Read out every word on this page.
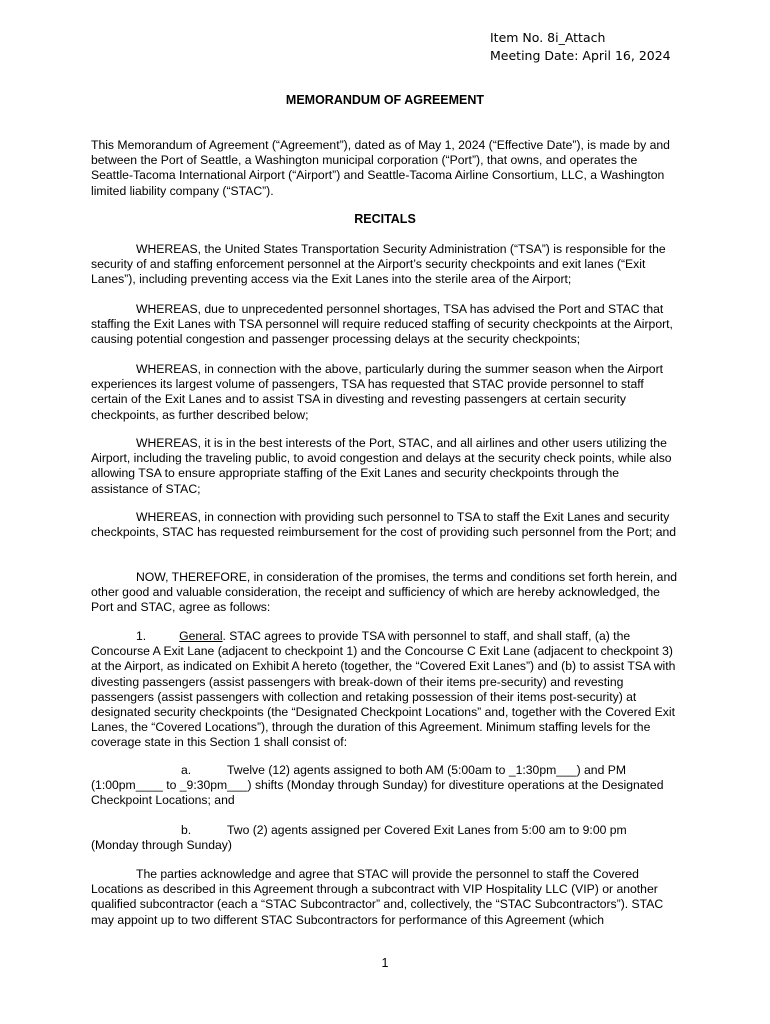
Item No. 8i_Attach
Meeting Date: April 16, 2024
MEMORANDUM OF AGREEMENT

This Memorandum of Agreement (“Agreement”), dated as of May 1, 2024 (“Effective Date”), is made by and between the Port of Seattle, a Washington municipal corporation (“Port”), that owns, and operates the Seattle-Tacoma International Airport (“Airport”) and Seattle-Tacoma Airline Consortium, LLC, a Washington limited liability company (“STAC”).

RECITALS

WHEREAS, the United States Transportation Security Administration (“TSA”) is responsible for the security of and staffing enforcement personnel at the Airport’s security checkpoints and exit lanes (“Exit Lanes”), including preventing access via the Exit Lanes into the sterile area of the Airport;

WHEREAS, due to unprecedented personnel shortages, TSA has advised the Port and STAC that staffing the Exit Lanes with TSA personnel will require reduced staffing of security checkpoints at the Airport, causing potential congestion and passenger processing delays at the security checkpoints;

WHEREAS, in connection with the above, particularly during the summer season when the Airport experiences its largest volume of passengers, TSA has requested that STAC provide personnel to staff certain of the Exit Lanes and to assist TSA in divesting and revesting passengers at certain security checkpoints, as further described below;

WHEREAS, it is in the best interests of the Port, STAC, and all airlines and other users utilizing the Airport, including the traveling public, to avoid congestion and delays at the security check points, while also allowing TSA to ensure appropriate staffing of the Exit Lanes and security checkpoints through the assistance of STAC;

WHEREAS, in connection with providing such personnel to TSA to staff the Exit Lanes and security checkpoints, STAC has requested reimbursement for the cost of providing such personnel from the Port; and

NOW, THEREFORE, in consideration of the promises, the terms and conditions set forth herein, and other good and valuable consideration, the receipt and sufficiency of which are hereby acknowledged, the Port and STAC, agree as follows:

1.	General. STAC agrees to provide TSA with personnel to staff, and shall staff, (a) the Concourse A Exit Lane (adjacent to checkpoint 1) and the Concourse C Exit Lane (adjacent to checkpoint 3) at the Airport, as indicated on Exhibit A hereto (together, the “Covered Exit Lanes”) and (b) to assist TSA with divesting passengers (assist passengers with break-down of their items pre-security) and revesting passengers (assist passengers with collection and retaking possession of their items post-security) at designated security checkpoints (the “Designated Checkpoint Locations” and, together with the Covered Exit Lanes, the “Covered Locations”), through the duration of this Agreement. Minimum staffing levels for the coverage state in this Section 1 shall consist of:

a.	Twelve (12) agents assigned to both AM (5:00am to _1:30pm___) and PM

(1:00pm____ to _9:30pm___) shifts (Monday through Sunday) for divestiture operations at the Designated Checkpoint Locations; and

b.	Two (2) agents assigned per Covered Exit Lanes from 5:00 am to 9:00 pm

(Monday through Sunday)

The parties acknowledge and agree that STAC will provide the personnel to staff the Covered Locations as described in this Agreement through a subcontract with VIP Hospitality LLC (VIP) or another qualified subcontractor (each a “STAC Subcontractor” and, collectively, the “STAC Subcontractors”). STAC may appoint up to two different STAC Subcontractors for performance of this Agreement (which

1
